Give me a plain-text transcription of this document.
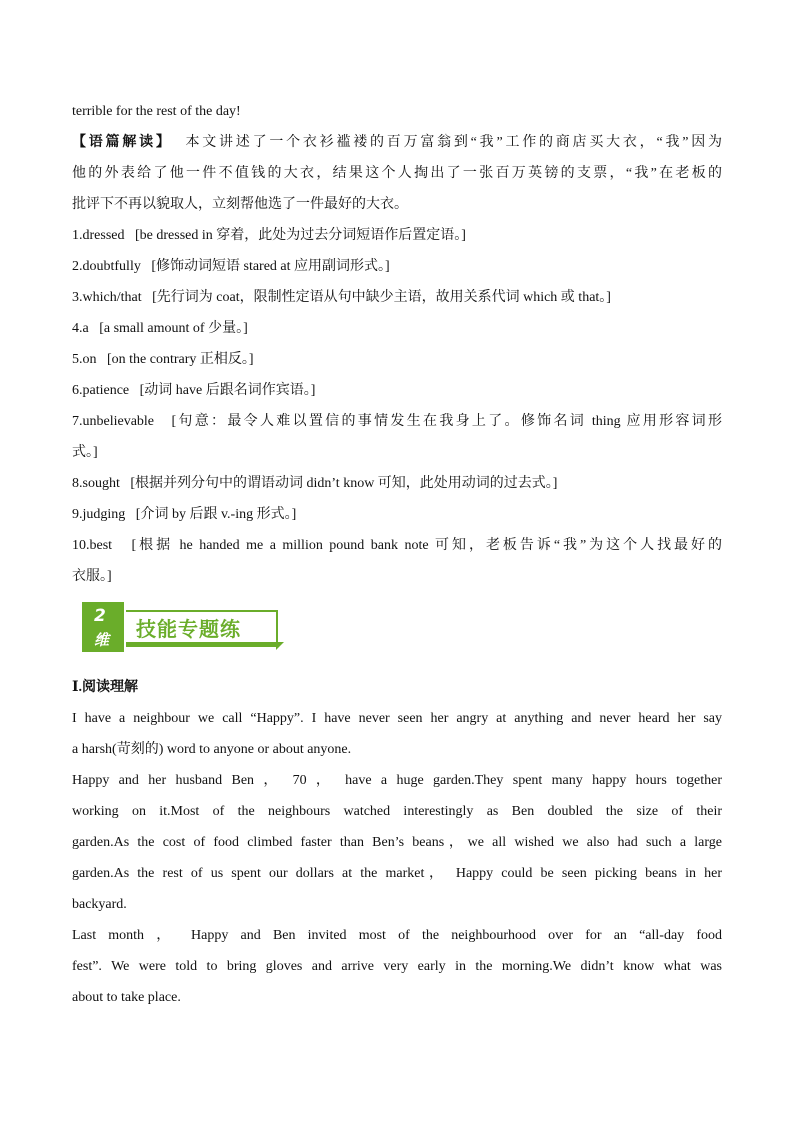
terrible for the rest of the day!
【语篇解读】 本文讲述了一个衣衫褴褛的百万富翁到“我”工作的商店买大衣，“我”因为
他的外表给了他一件不值钱的大衣，结果这个人掏出了一张百万英镑的支票，“我”在老板的
批评下不再以貌取人，立刻帮他选了一件最好的大衣。
1.dressed [be dressed in 穿着，此处为过去分词短语作后置定语。]
2.doubtfully [修饰动词短语 stared at 应用副词形式。]
3.which/that [先行词为 coat，限制性定语从句中缺少主语，故用关系代词 which 或 that。]
4.a [a small amount of 少量。]
5.on [on the contrary 正相反。]
6.patience [动词 have 后跟名词作宾语。]
7.unbelievable [句意：最令人难以置信的事情发生在我身上了。修饰名词 thing 应用形容词形
式。]
8.sought [根据并列分句中的谓语动词 didn’t know 可知，此处用动词的过去式。]
9.judging [介词 by 后跟 v.-ing 形式。]
10.best [根据 he handed me a million pound bank note 可知，老板告诉“我”为这个人找最好的
衣服。]
2
维 技能专题练
Ⅰ.阅读理解
I have a neighbour we call “Happy”. I have never seen her angry at anything and never heard her say
a harsh(苛刻的) word to anyone or about anyone.
Happy and her husband Ben ， 70 ， have a huge garden.They spent many happy hours together
working on it.Most of the neighbours watched interestingly as Ben doubled the size of their
garden.As the cost of food climbed faster than Ben’s beans，we all wished we also had such a large
garden.As the rest of us spent our dollars at the market， Happy could be seen picking beans in her
backyard.
Last month ， Happy and Ben invited most of the neighbourhood over for an “all-day food
fest”. We were told to bring gloves and arrive very early in the morning.We didn’t know what was
about to take place.
